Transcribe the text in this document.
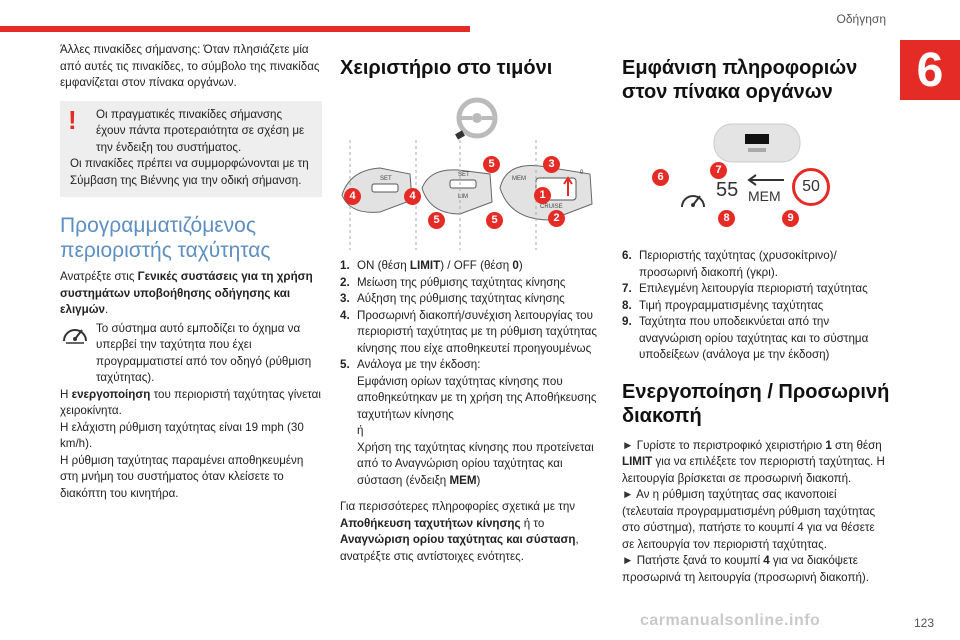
Οδήγηση
6

Άλλες πινακίδες σήμανσης: Όταν πλησιάζετε μία από αυτές τις πινακίδες, το σύμβολο της πινακίδας εμφανίζεται στον πίνακα οργάνων.

!	Οι πραγματικές πινακίδες σήμανσης έχουν πάντα προτεραιότητα σε σχέση με την ένδειξη του συστήματος.

Οι πινακίδες πρέπει να συμμορφώνονται με τη Σύμβαση της Βιέννης για την οδική σήμανση.

Προγραμματιζόμενος περιοριστής ταχύτητας

Ανατρέξτε στις Γενικές συστάσεις για τη χρήση συστημάτων υποβοήθησης οδήγησης και ελιγμών.

Το σύστημα αυτό εμποδίζει το όχημα να υπερβεί την ταχύτητα που έχει προγραμματιστεί από τον οδηγό (ρύθμιση ταχύτητας).

Η ενεργοποίηση του περιοριστή ταχύτητας γίνεται χειροκίνητα.

Η ελάχιστη ρύθμιση ταχύτητας είναι 19 mph (30 km/h).

Η ρύθμιση ταχύτητας παραμένει αποθηκευμένη στη μνήμη του συστήματος όταν κλείσετε το διακόπτη του κινητήρα.

Χειριστήριο στο τιμόνι
SET
SET
LIM
MEM
CRUISE
0
1
2
3
4	4
5	5
5
1. ON (θέση LIMIT) / OFF (θέση 0)
2. Μείωση της ρύθμισης ταχύτητας κίνησης
3. Αύξηση της ρύθμισης ταχύτητας κίνησης
4. Προσωρινή διακοπή/συνέχιση λειτουργίας του περιοριστή ταχύτητας με τη ρύθμιση ταχύτητας κίνησης που είχε αποθηκευτεί προηγουμένως
5. Ανάλογα με την έκδοση:

Εμφάνιση ορίων ταχύτητας κίνησης που αποθηκεύτηκαν με τη χρήση της Αποθήκευσης ταχυτήτων κίνησης

ή

Χρήση της ταχύτητας κίνησης που προτείνεται από το Αναγνώριση ορίου ταχύτητας και σύσταση (ένδειξη MEM)

Για περισσότερες πληροφορίες σχετικά με την Αποθήκευση ταχυτήτων κίνησης ή το Αναγνώριση ορίου ταχύτητας και σύσταση, ανατρέξτε στις αντίστοιχες ενότητες.

Εμφάνιση πληροφοριών στον πίνακα οργάνων
55 MEM
50
6
7
8	9
6. Περιοριστής ταχύτητας (χρυσοκίτρινο)/προσωρινή διακοπή (γκρι).
7. Επιλεγμένη λειτουργία περιοριστή ταχύτητας
8. Τιμή προγραμματισμένης ταχύτητας
9. Ταχύτητα που υποδεικνύεται από την αναγνώριση ορίου ταχύτητας και το σύστημα υποδείξεων (ανάλογα με την έκδοση)
Ενεργοποίηση / Προσωρινή διακοπή

► Γυρίστε το περιστροφικό χειριστήριο 1 στη θέση LIMIT για να επιλέξετε τον περιοριστή ταχύτητας. Η λειτουργία βρίσκεται σε προσωρινή διακοπή.

► Αν η ρύθμιση ταχύτητας σας ικανοποιεί (τελευταία προγραμματισμένη ρύθμιση ταχύτητας στο σύστημα), πατήστε το κουμπί 4 για να θέσετε σε λειτουργία τον περιοριστή ταχύτητας.

► Πατήστε ξανά το κουμπί 4 για να διακόψετε προσωρινά τη λειτουργία (προσωρινή διακοπή).

carmanualsonline.info	123
